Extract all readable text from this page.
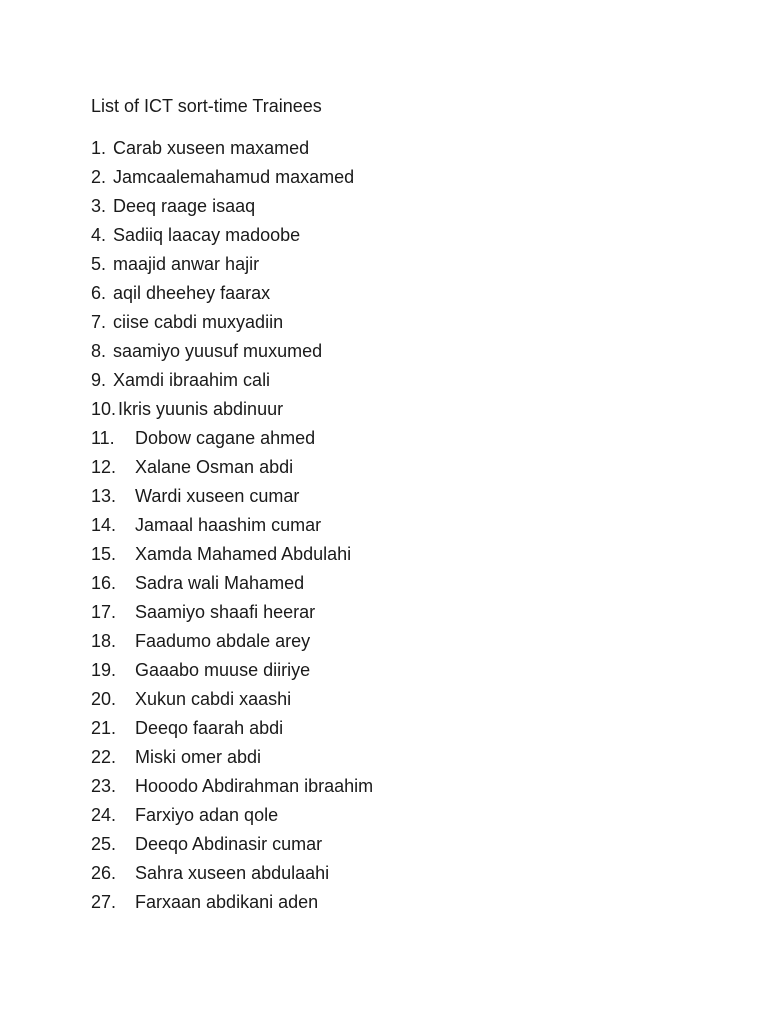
List of ICT sort-time Trainees
1. Carab xuseen maxamed
2. Jamcaalemahamud maxamed
3. Deeq raage isaaq
4. Sadiiq laacay madoobe
5. maajid anwar hajir
6. aqil dheehey faarax
7. ciise cabdi muxyadiin
8. saamiyo yuusuf muxumed
9. Xamdi ibraahim cali
10. Ikris yuunis abdinuur
11. Dobow cagane ahmed
12. Xalane Osman abdi
13. Wardi xuseen cumar
14. Jamaal haashim cumar
15. Xamda Mahamed Abdulahi
16. Sadra wali Mahamed
17. Saamiyo shaafi heerar
18. Faadumo abdale arey
19. Gaaabo muuse diiriye
20. Xukun cabdi xaashi
21. Deeqo faarah abdi
22. Miski omer abdi
23. Hooodo Abdirahman ibraahim
24. Farxiyo adan qole
25. Deeqo Abdinasir cumar
26. Sahra xuseen abdulaahi
27. Farxaan abdikani aden
